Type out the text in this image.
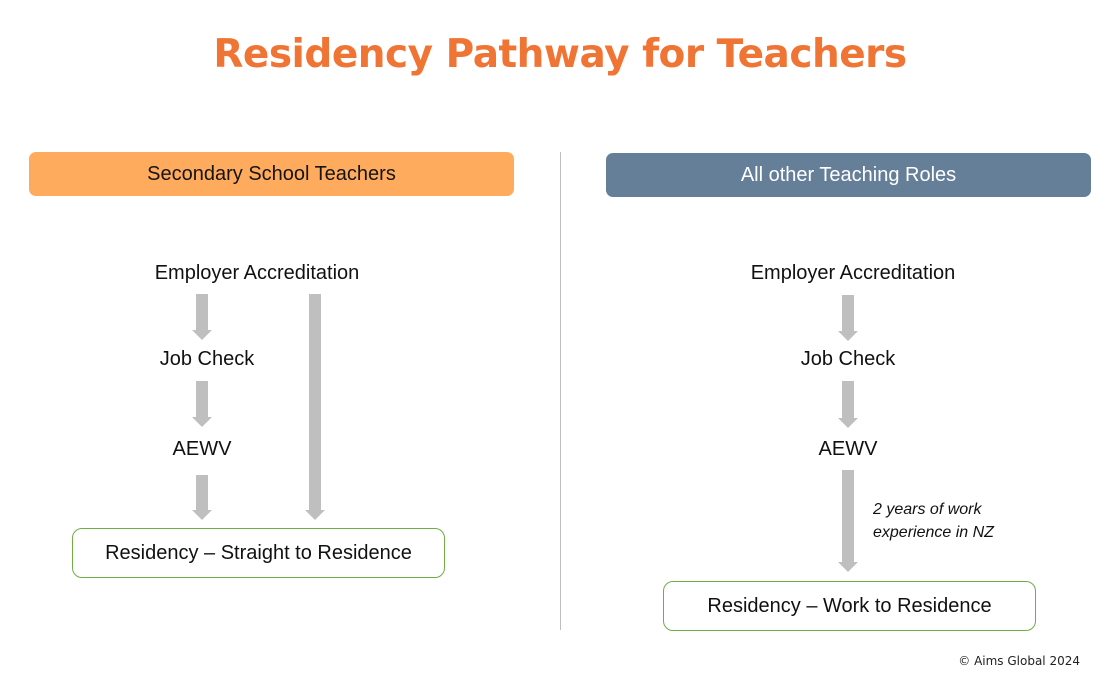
Residency Pathway for Teachers
Secondary School Teachers
Employer Accreditation
Job Check
AEWV
Residency – Straight to Residence
All other Teaching Roles
Employer Accreditation
Job Check
AEWV
2 years of work
experience in NZ
Residency – Work to Residence
© Aims Global 2024
